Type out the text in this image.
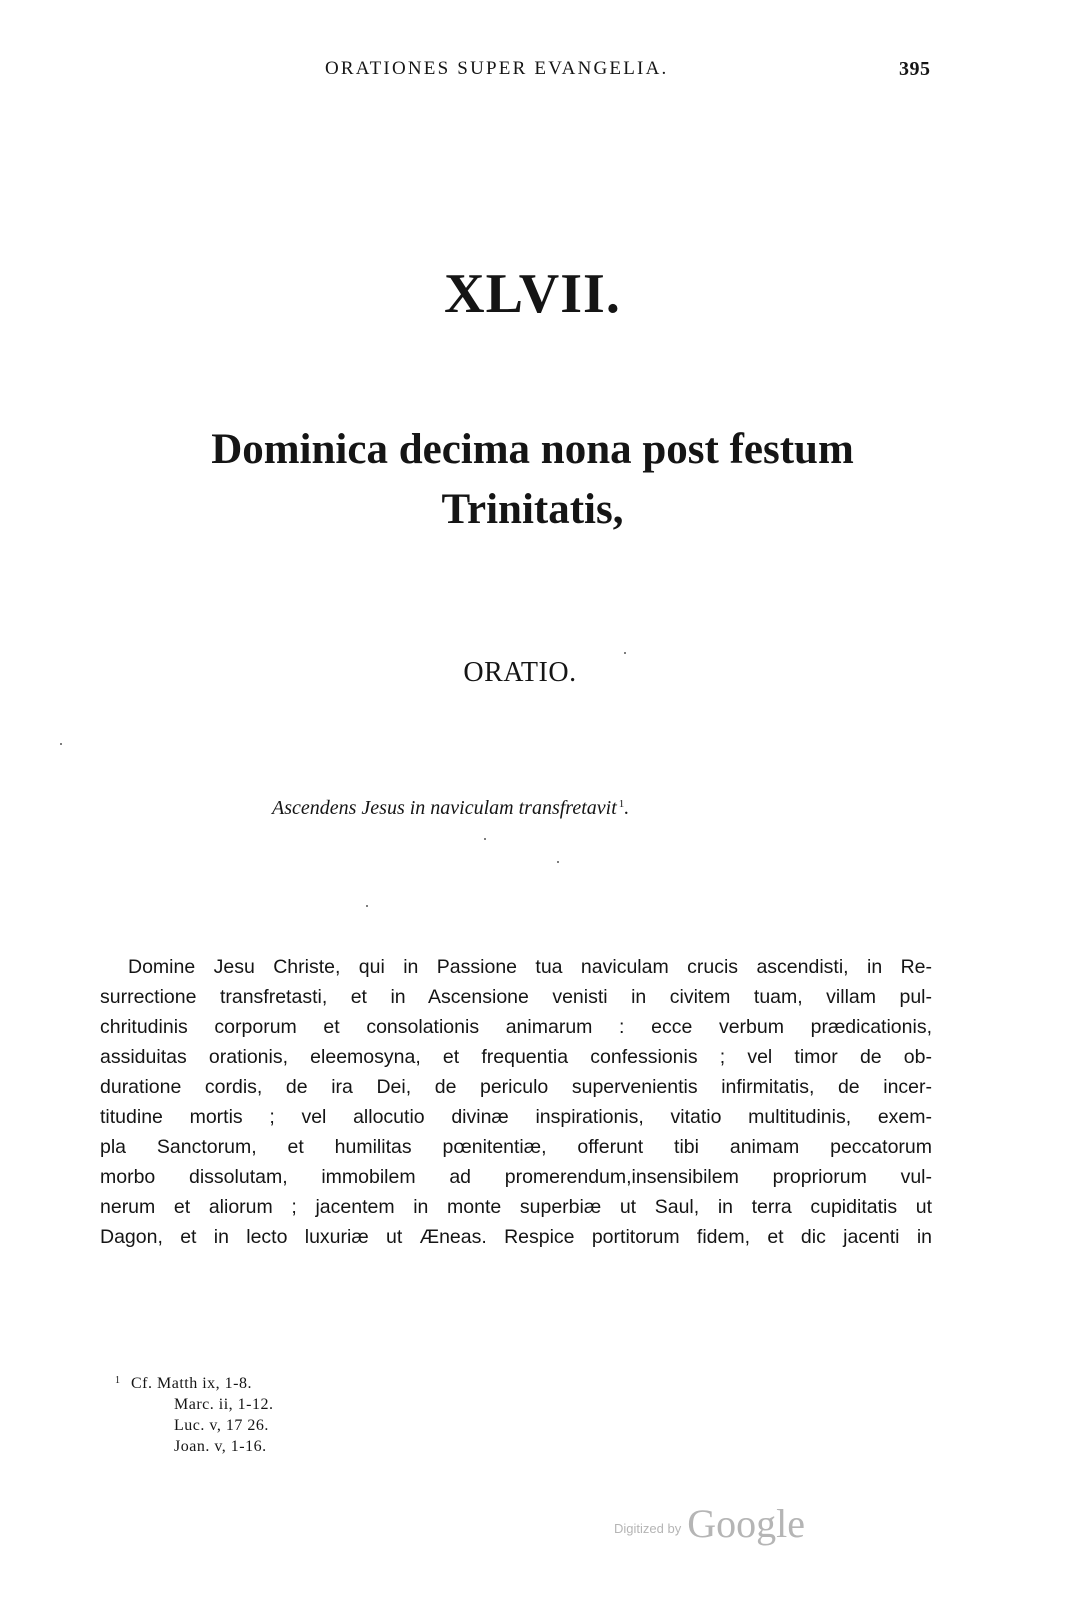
ORATIONES SUPER EVANGELIA.	395
XLVII.
Dominica decima nona post festum
Trinitatis,
ORATIO.
Ascendens Jesus in naviculam transfretavit $^1$.
Domine Jesu Christe, qui in Passione tua naviculam crucis ascendisti, in Re-
surrectione transfretasti, et in Ascensione venisti in civitem tuam, villam pul-
chritudinis corporum et consolationis animarum : ecce verbum prædicationis,
assiduitas orationis, eleemosyna, et frequentia confessionis ; vel timor de ob-
duratione cordis, de ira Dei, de periculo supervenientis infirmitatis, de incer-
titudine mortis ; vel allocutio divinæ inspirationis, vitatio multitudinis, exem-
pla Sanctorum, et humilitas pœnitentiæ, offerunt tibi animam peccatorum
morbo dissolutam, immobilem ad promerendum,insensibilem propriorum vul-
nerum et aliorum ; jacentem in monte superbiæ ut Saul, in terra cupiditatis ut
Dagon, et in lecto luxuriæ ut Æneas. Respice portitorum fidem, et dic jacenti in
1 Cf. Matth ix, 1-8.
Marc. ii, 1-12.
Luc. v, 17 26.
Joan. v, 1-16.
$^{Digitized by}$ Google
